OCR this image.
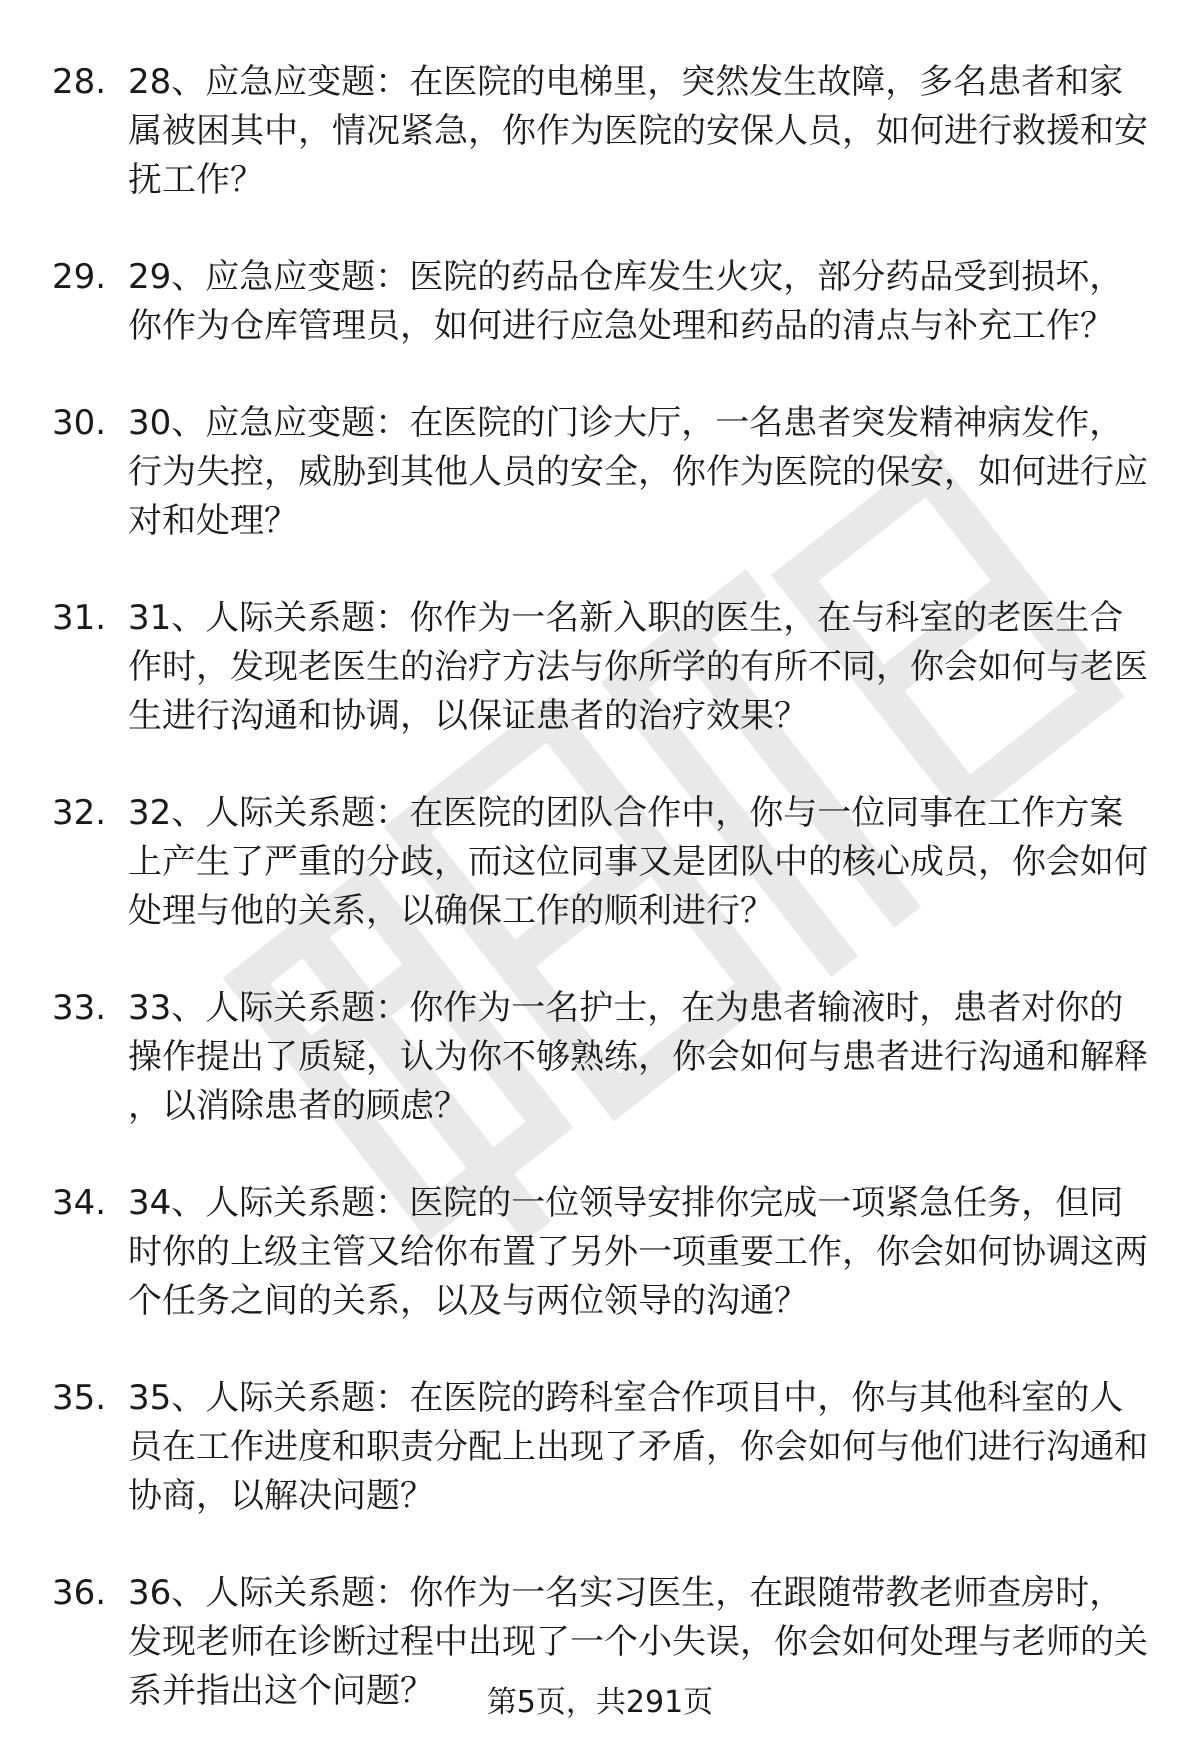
28. 28、应急应变题：在医院的电梯里，突然发生故障，多名患者和家属被困其中，情况紧急，你作为医院的安保人员，如何进行救援和安抚工作？

29. 29、应急应变题：医院的药品仓库发生火灾，部分药品受到损坏，你作为仓库管理员，如何进行应急处理和药品的清点与补充工作？

30. 30、应急应变题：在医院的门诊大厅，一名患者突发精神病发作，行为失控，威胁到其他人员的安全，你作为医院的保安，如何进行应对和处理？

31. 31、人际关系题：你作为一名新入职的医生，在与科室的老医生合作时，发现老医生的治疗方法与你所学的有所不同，你会如何与老医生进行沟通和协调，以保证患者的治疗效果？

32. 32、人际关系题：在医院的团队合作中，你与一位同事在工作方案上产生了严重的分歧，而这位同事又是团队中的核心成员，你会如何处理与他的关系，以确保工作的顺利进行？

33. 33、人际关系题：你作为一名护士，在为患者输液时，患者对你的操作提出了质疑，认为你不够熟练，你会如何与患者进行沟通和解释，以消除患者的顾虑？

34. 34、人际关系题：医院的一位领导安排你完成一项紧急任务，但同时你的上级主管又给你布置了另外一项重要工作，你会如何协调这两个任务之间的关系，以及与两位领导的沟通？

35. 35、人际关系题：在医院的跨科室合作项目中，你与其他科室的人员在工作进度和职责分配上出现了矛盾，你会如何与他们进行沟通和协商，以解决问题？

36. 36、人际关系题：你作为一名实习医生，在跟随带教老师查房时，发现老师在诊断过程中出现了一个小失误，你会如何处理与老师的关系并指出这个问题？	第5页，共291页
